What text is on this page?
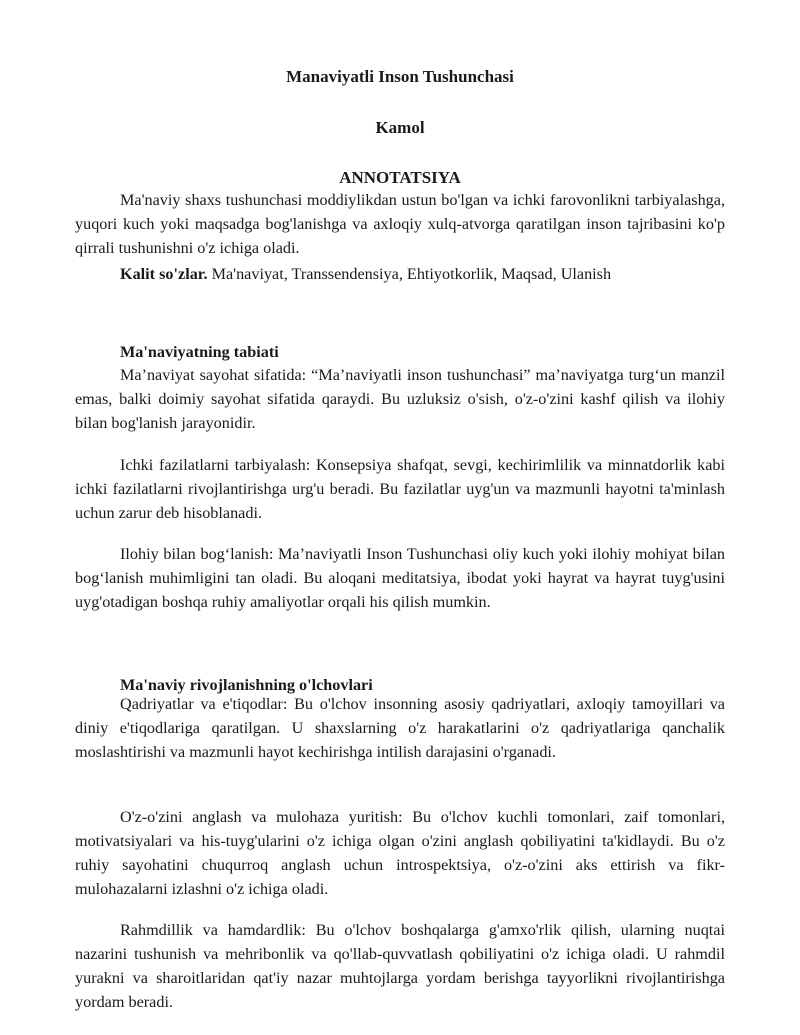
Manaviyatli Inson Tushunchasi

Kamol

ANNOTATSIYA

Ma'naviy shaxs tushunchasi moddiylikdan ustun bo'lgan va ichki farovonlikni tarbiyalashga, yuqori kuch yoki maqsadga bog'lanishga va axloqiy xulq-atvorga qaratilgan inson tajribasini ko'p qirrali tushunishni o'z ichiga oladi.

Kalit so'zlar. Ma'naviyat, Transsendensiya, Ehtiyotkorlik, Maqsad, Ulanish

Ma'naviyatning tabiati

Ma’naviyat sayohat sifatida: “Ma’naviyatli inson tushunchasi” ma’naviyatga turg‘un manzil emas, balki doimiy sayohat sifatida qaraydi. Bu uzluksiz o'sish, o'z-o'zini kashf qilish va ilohiy bilan bog'lanish jarayonidir.

Ichki fazilatlarni tarbiyalash: Konsepsiya shafqat, sevgi, kechirimlilik va minnatdorlik kabi ichki fazilatlarni rivojlantirishga urg'u beradi. Bu fazilatlar uyg'un va mazmunli hayotni ta'minlash uchun zarur deb hisoblanadi.

Ilohiy bilan bog‘lanish: Ma’naviyatli Inson Tushunchasi oliy kuch yoki ilohiy mohiyat bilan bog‘lanish muhimligini tan oladi. Bu aloqani meditatsiya, ibodat yoki hayrat va hayrat tuyg'usini uyg'otadigan boshqa ruhiy amaliyotlar orqali his qilish mumkin.

Ma'naviy rivojlanishning o'lchovlari

Qadriyatlar va e'tiqodlar: Bu o'lchov insonning asosiy qadriyatlari, axloqiy tamoyillari va diniy e'tiqodlariga qaratilgan. U shaxslarning o'z harakatlarini o'z qadriyatlariga qanchalik moslashtirishi va mazmunli hayot kechirishga intilish darajasini o'rganadi.

O'z-o'zini anglash va mulohaza yuritish: Bu o'lchov kuchli tomonlari, zaif tomonlari, motivatsiyalari va his-tuyg'ularini o'z ichiga olgan o'zini anglash qobiliyatini ta'kidlaydi. Bu o'z ruhiy sayohatini chuqurroq anglash uchun introspektsiya, o'z-o'zini aks ettirish va fikr-mulohazalarni izlashni o'z ichiga oladi.

Rahmdillik va hamdardlik: Bu o'lchov boshqalarga g'amxo'rlik qilish, ularning nuqtai nazarini tushunish va mehribonlik va qo'llab-quvvatlash qobiliyatini o'z ichiga oladi. U rahmdil yurakni va sharoitlaridan qat'iy nazar muhtojlarga yordam berishga tayyorlikni rivojlantirishga yordam beradi.
